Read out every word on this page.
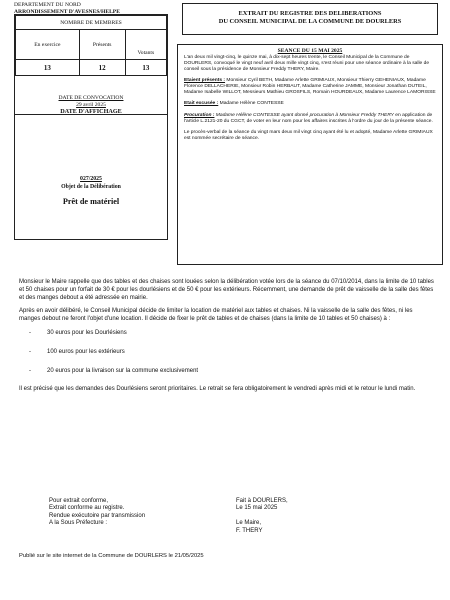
DEPARTEMENT DU NORD
ARRONDISSEMENT D'AVESNES/HELPE
NOMBRE DE MEMBRES		
En exercice	Présents	Votants
13	12	13
DATE DE CONVOCATION
29 avril 2025
DATE D'AFFICHAGE
027/2025
Objet de la Délibération
Prêt de matériel
EXTRAIT DU REGISTRE DES DELIBERATIONS
DU CONSEIL MUNICIPAL DE LA COMMUNE DE DOURLERS
SEANCE DU 15 MAI 2025

L'an deux mil vingt-cinq, le quinze mai, à dix-sept heures trente, le Conseil Municipal de la Commune de DOURLERS, convoqué le vingt neuf avril deux mille vingt cinq, s'est réuni pour une séance ordinaire à la salle de conseil sous la présidence de Monsieur Freddy THERY, Maire.

Etaient présents : Monsieur Cyril BETH, Madame Arlette GRIMIAUX, Monsieur Thierry GEHENIAUX, Madame Florence DELLACHERIE, Monsieur Robin HERBAUT, Madame Catherine JAMME, Monsieur Jonathan DUTEIL, Madame Isabelle WILLOT, Messieurs Mathieu GROSFILS, Romain HOURDEAUX, Madame Laurence LAMORISSE

Etait excusée : Madame Hélène CONTESSE

Procuration : Madame Hélène CONTESSE ayant donné procuration à Monsieur Freddy THERY en application de l'article L.2121-20 du CGCT, de voter en leur nom pour les affaires inscrites à l'ordre du jour de la présente séance.

Le procès-verbal de la séance du vingt mars deux mil vingt cinq ayant été lu et adopté, Madame Arlette GRIMIAUX est nommée secrétaire de séance.

Monsieur le Maire rappelle que des tables et des chaises sont louées selon la délibération votée lors de la séance du 07/10/2014, dans la limite de 10 tables et 50 chaises pour un forfait de 30 € pour les dourlésiens et de 50 € pour les extérieurs. Récemment, une demande de prêt de vaisselle de la salle des fêtes et des manges debout a été adressée en mairie.

Après en avoir délibéré, le Conseil Municipal décide de limiter la location de matériel aux tables et chaises. Ni la vaisselle de la salle des fêtes, ni les manges debout ne feront l'objet d'une location. Il décide de fixer le prêt de tables et de chaises (dans la limite de 10 tables et 50 chaises) à :

- 30 euros pour les Dourlésiens
- 100 euros pour les extérieurs
- 20 euros pour la livraison sur la commune exclusivement

Il est précisé que les demandes des Dourlésiens seront prioritaires. Le retrait se fera obligatoirement le vendredi après midi et le retour le lundi matin.

Pour extrait conforme,
Extrait conforme au registre.
Rendue exécutoire par transmission
A la Sous Préfecture :
Fait à DOURLERS,
Le 15 mai 2025

Le Maire,
F. THERY
Publié sur le site internet de la Commune de DOURLERS le 21/05/2025
